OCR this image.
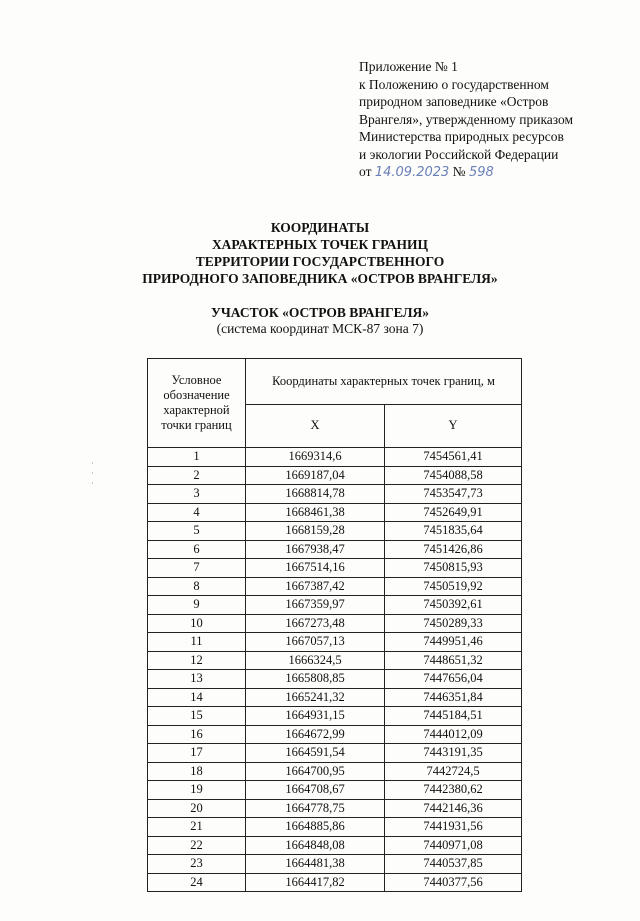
Приложение № 1
к Положению о государственном
природном заповеднике «Остров
Врангеля», утвержденному приказом
Министерства природных ресурсов
и экологии Российской Федерации
от 14.09.2023 № 598
КООРДИНАТЫ
ХАРАКТЕРНЫХ ТОЧЕК ГРАНИЦ
ТЕРРИТОРИИ ГОСУДАРСТВЕННОГО
ПРИРОДНОГО ЗАПОВЕДНИКА «ОСТРОВ ВРАНГЕЛЯ»
УЧАСТОК «ОСТРОВ ВРАНГЕЛЯ»
(система координат МСК-87 зона 7)
Условное обозначение характерной точки границ	Координаты характерных точек границ, м	
	X	Y
1	1669314,6	7454561,41
2	1669187,04	7454088,58
3	1668814,78	7453547,73
4	1668461,38	7452649,91
5	1668159,28	7451835,64
6	1667938,47	7451426,86
7	1667514,16	7450815,93
8	1667387,42	7450519,92
9	1667359,97	7450392,61
10	1667273,48	7450289,33
11	1667057,13	7449951,46
12	1666324,5	7448651,32
13	1665808,85	7447656,04
14	1665241,32	7446351,84
15	1664931,15	7445184,51
16	1664672,99	7444012,09
17	1664591,54	7443191,35
18	1664700,95	7442724,5
19	1664708,67	7442380,62
20	1664778,75	7442146,36
21	1664885,86	7441931,56
22	1664848,08	7440971,08
23	1664481,38	7440537,85
24	1664417,82	7440377,56
·
·
·
